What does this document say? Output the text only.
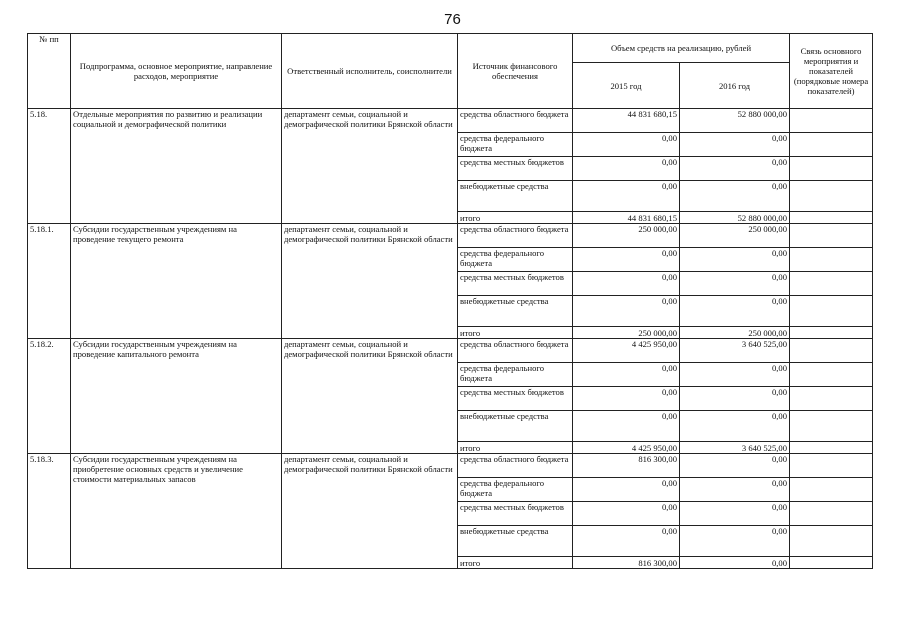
76
№ пп	Подпрограмма, основное мероприятие, направление расходов, мероприятие	Ответственный исполнитель, соисполнители	Источник финансового обеспечения	Объем средств на реализацию, рублей		Связь основного мероприятия и показателей (порядковые номера показателей)
				2015 год	2016 год	
5.18.	Отдельные мероприятия по развитию и реализации социальной и демографической политики	департамент семьи, социальной и демографической политики Брянской области	средства областного бюджета	44 831 680,15	52 880 000,00	
			средства федерального бюджета	0,00	0,00	
			средства местных бюджетов	0,00	0,00	
			внебюджетные средства	0,00	0,00	
			итого	44 831 680,15	52 880 000,00	
5.18.1.	Субсидии государственным учреждениям на проведение текущего ремонта	департамент семьи, социальной и демографической политики Брянской области	средства областного бюджета	250 000,00	250 000,00	
			средства федерального бюджета	0,00	0,00	
			средства местных бюджетов	0,00	0,00	
			внебюджетные средства	0,00	0,00	
			итого	250 000,00	250 000,00	
5.18.2.	Субсидии государственным учреждениям на проведение капитального ремонта	департамент семьи, социальной и демографической политики Брянской области	средства областного бюджета	4 425 950,00	3 640 525,00	
			средства федерального бюджета	0,00	0,00	
			средства местных бюджетов	0,00	0,00	
			внебюджетные средства	0,00	0,00	
			итого	4 425 950,00	3 640 525,00	
5.18.3.	Субсидии государственным учреждениям на приобретение основных средств и увеличение стоимости материальных запасов	департамент семьи, социальной и демографической политики Брянской области	средства областного бюджета	816 300,00	0,00	
			средства федерального бюджета	0,00	0,00	
			средства местных бюджетов	0,00	0,00	
			внебюджетные средства	0,00	0,00	
			итого	816 300,00	0,00	
